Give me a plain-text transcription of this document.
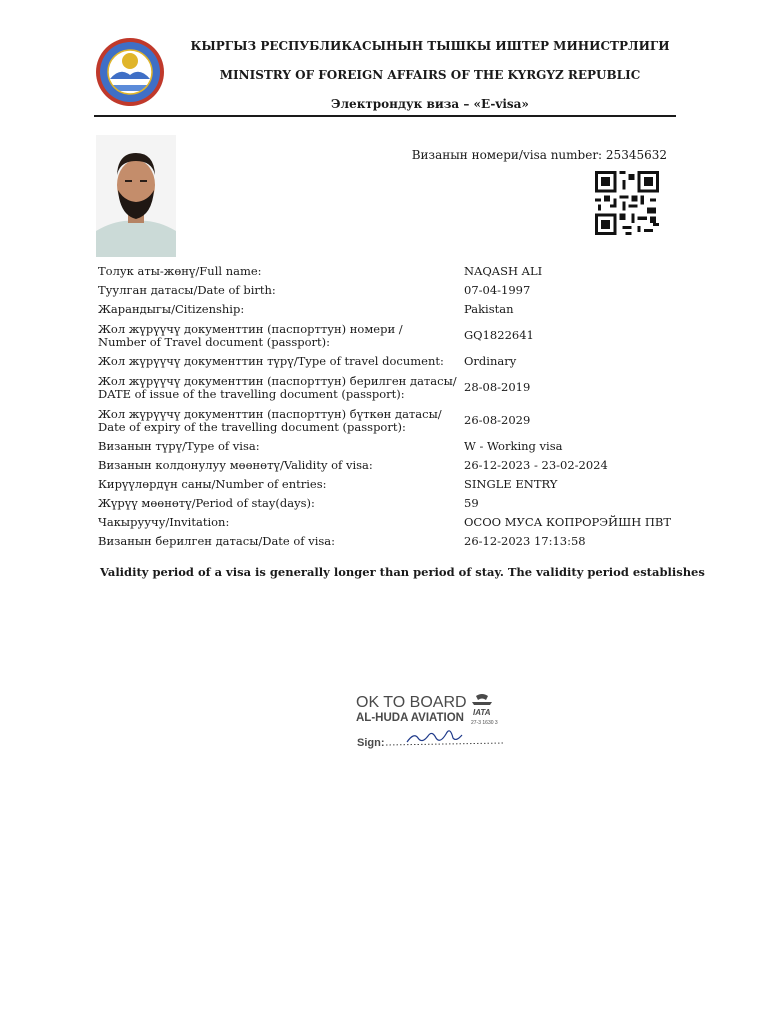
КЫРГЫЗ РЕСПУБЛИКАСЫНЫН ТЫШКЫ ИШТЕР МИНИСТРЛИГИ
MINISTRY OF FOREIGN AFFAIRS OF THE KYRGYZ REPUBLIC
Электрондук виза – «E-visa»
Визанын номери/visa number: 25345632
Толук аты-жөнү/Full name:	NAQASH ALI
Туулган датасы/Date of birth:	07-04-1997
Жарандыгы/Citizenship:	Pakistan
Жол жүрүүчү документтин (паспорттун) номери /
Number of Travel document (passport):	GQ1822641
Жол жүрүүчү документтин түрү/Type of travel document:	Ordinary
Жол жүрүүчү документтин (паспорттун) берилген датасы/
DATE of issue of the travelling document (passport):	28-08-2019
Жол жүрүүчү документтин (паспорттун) бүткөн датасы/
Date of expiry of the travelling document (passport):	26-08-2029
Визанын түрү/Type of visa:	W - Working visa
Визанын колдонулуу мөөнөтү/Validity of visa:	26-12-2023 - 23-02-2024
Кирүүлөрдүн саны/Number of entries:	SINGLE ENTRY
Жүрүү мөөнөтү/Period of stay(days):	59
Чакыруучу/Invitation:	ОСОО МУСА КОПРОРЭЙШН ПВТ
Визанын берилген датасы/Date of visa:	26-12-2023 17:13:58
Validity period of a visa is generally longer than period of stay. The validity period establishes
OK TO BOARD
AL-HUDA AVIATION IATA
27-3 1630 3
Sign:
